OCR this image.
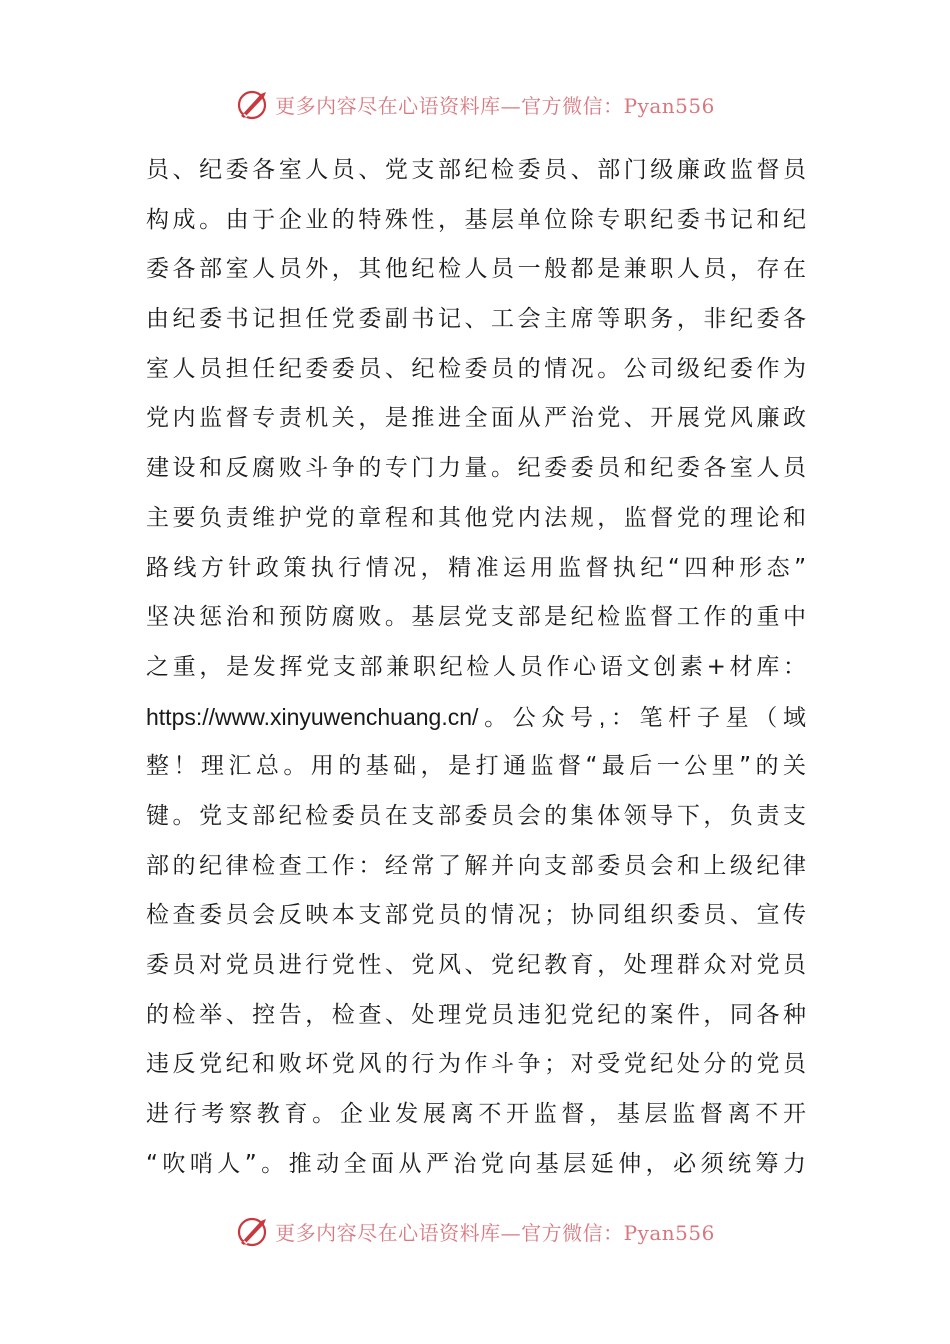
更多内容尽在心语资料库—官方微信：Pyan556
员、纪委各室人员、党支部纪检委员、部门级廉政监督员
构成。由于企业的特殊性，基层单位除专职纪委书记和纪
委各部室人员外，其他纪检人员一般都是兼职人员，存在
由纪委书记担任党委副书记、工会主席等职务，非纪委各
室人员担任纪委委员、纪检委员的情况。公司级纪委作为
党内监督专责机关，是推进全面从严治党、开展党风廉政
建设和反腐败斗争的专门力量。纪委委员和纪委各室人员
主要负责维护党的章程和其他党内法规，监督党的理论和
路线方针政策执行情况，精准运用监督执纪“四种形态”
坚决惩治和预防腐败。基层党支部是纪检监督工作的重中
之重，是发挥党支部兼职纪检人员作心语文创素+材库：
https://www.xinyuwenchuang.cn/。公众号,：笔杆子星（域
整！理汇总。用的基础，是打通监督“最后一公里”的关
键。党支部纪检委员在支部委员会的集体领导下，负责支
部的纪律检查工作：经常了解并向支部委员会和上级纪律
检查委员会反映本支部党员的情况；协同组织委员、宣传
委员对党员进行党性、党风、党纪教育，处理群众对党员
的检举、控告，检查、处理党员违犯党纪的案件，同各种
违反党纪和败坏党风的行为作斗争；对受党纪处分的党员
进行考察教育。企业发展离不开监督，基层监督离不开
“吹哨人”。推动全面从严治党向基层延伸，必须统筹力
更多内容尽在心语资料库—官方微信：Pyan556
